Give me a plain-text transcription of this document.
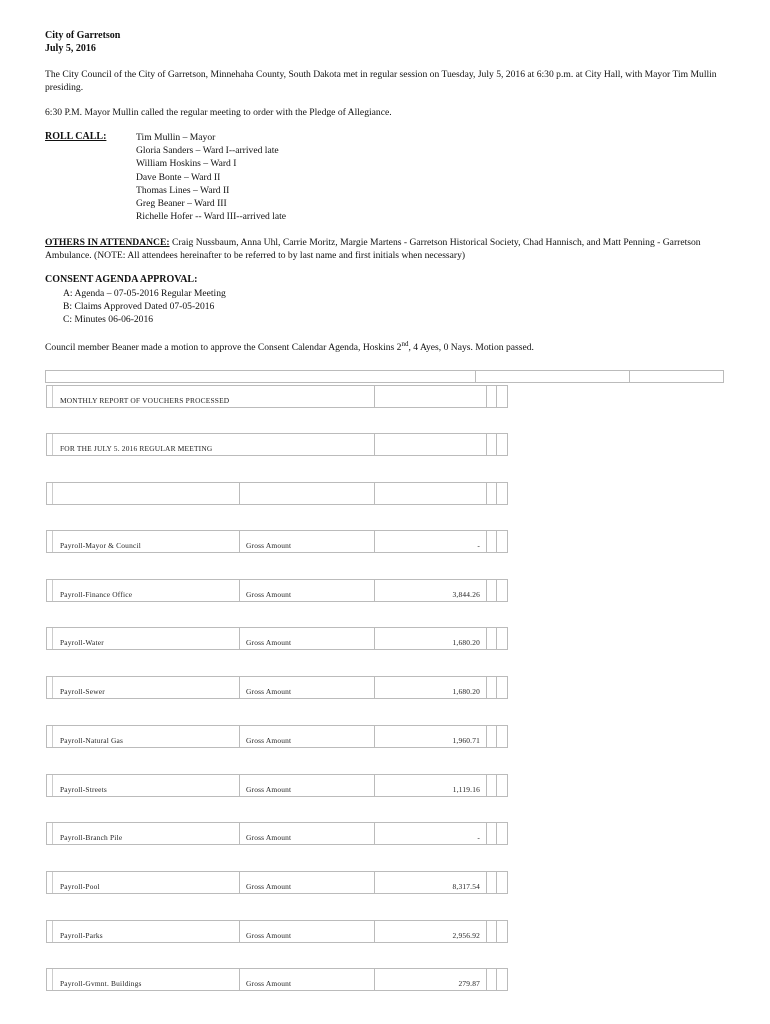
City of Garretson
July 5, 2016
The City Council of the City of Garretson, Minnehaha County, South Dakota met in regular session on Tuesday, July 5, 2016 at 6:30 p.m. at City Hall, with Mayor Tim Mullin presiding.
6:30 P.M. Mayor Mullin called the regular meeting to order with the Pledge of Allegiance.
ROLL CALL:	Tim Mullin – Mayor
Gloria Sanders – Ward I--arrived late
William Hoskins – Ward I
Dave Bonte – Ward II
Thomas Lines – Ward II
Greg Beaner – Ward III
Richelle Hofer -- Ward III--arrived late
OTHERS IN ATTENDANCE: Craig Nussbaum, Anna Uhl, Carrie Moritz, Margie Martens - Garretson Historical Society, Chad Hannisch, and Matt Penning - Garretson Ambulance. (NOTE: All attendees hereinafter to be referred to by last name and first initials when necessary)
CONSENT AGENDA APPROVAL:
A: Agenda – 07-05-2016 Regular Meeting
B: Claims Approved Dated 07-05-2016
C: Minutes 06-06-2016
Council member Beaner made a motion to approve the Consent Calendar Agenda, Hoskins 2nd, 4 Ayes, 0 Nays. Motion passed.
MONTHLY REPORT OF VOUCHERS PROCESSED
FOR THE JULY 5. 2016 REGULAR MEETING
Payroll-Mayor & Council	Gross Amount	-
Payroll-Finance Office	Gross Amount	3,844.26
Payroll-Water	Gross Amount	1,680.20
Payroll-Sewer	Gross Amount	1,680.20
Payroll-Natural Gas	Gross Amount	1,960.71
Payroll-Streets	Gross Amount	1,119.16
Payroll-Branch Pile	Gross Amount	-
Payroll-Pool	Gross Amount	8,317.54
Payroll-Parks	Gross Amount	2,956.92
Payroll-Gvmnt. Buildings	Gross Amount	279.87
